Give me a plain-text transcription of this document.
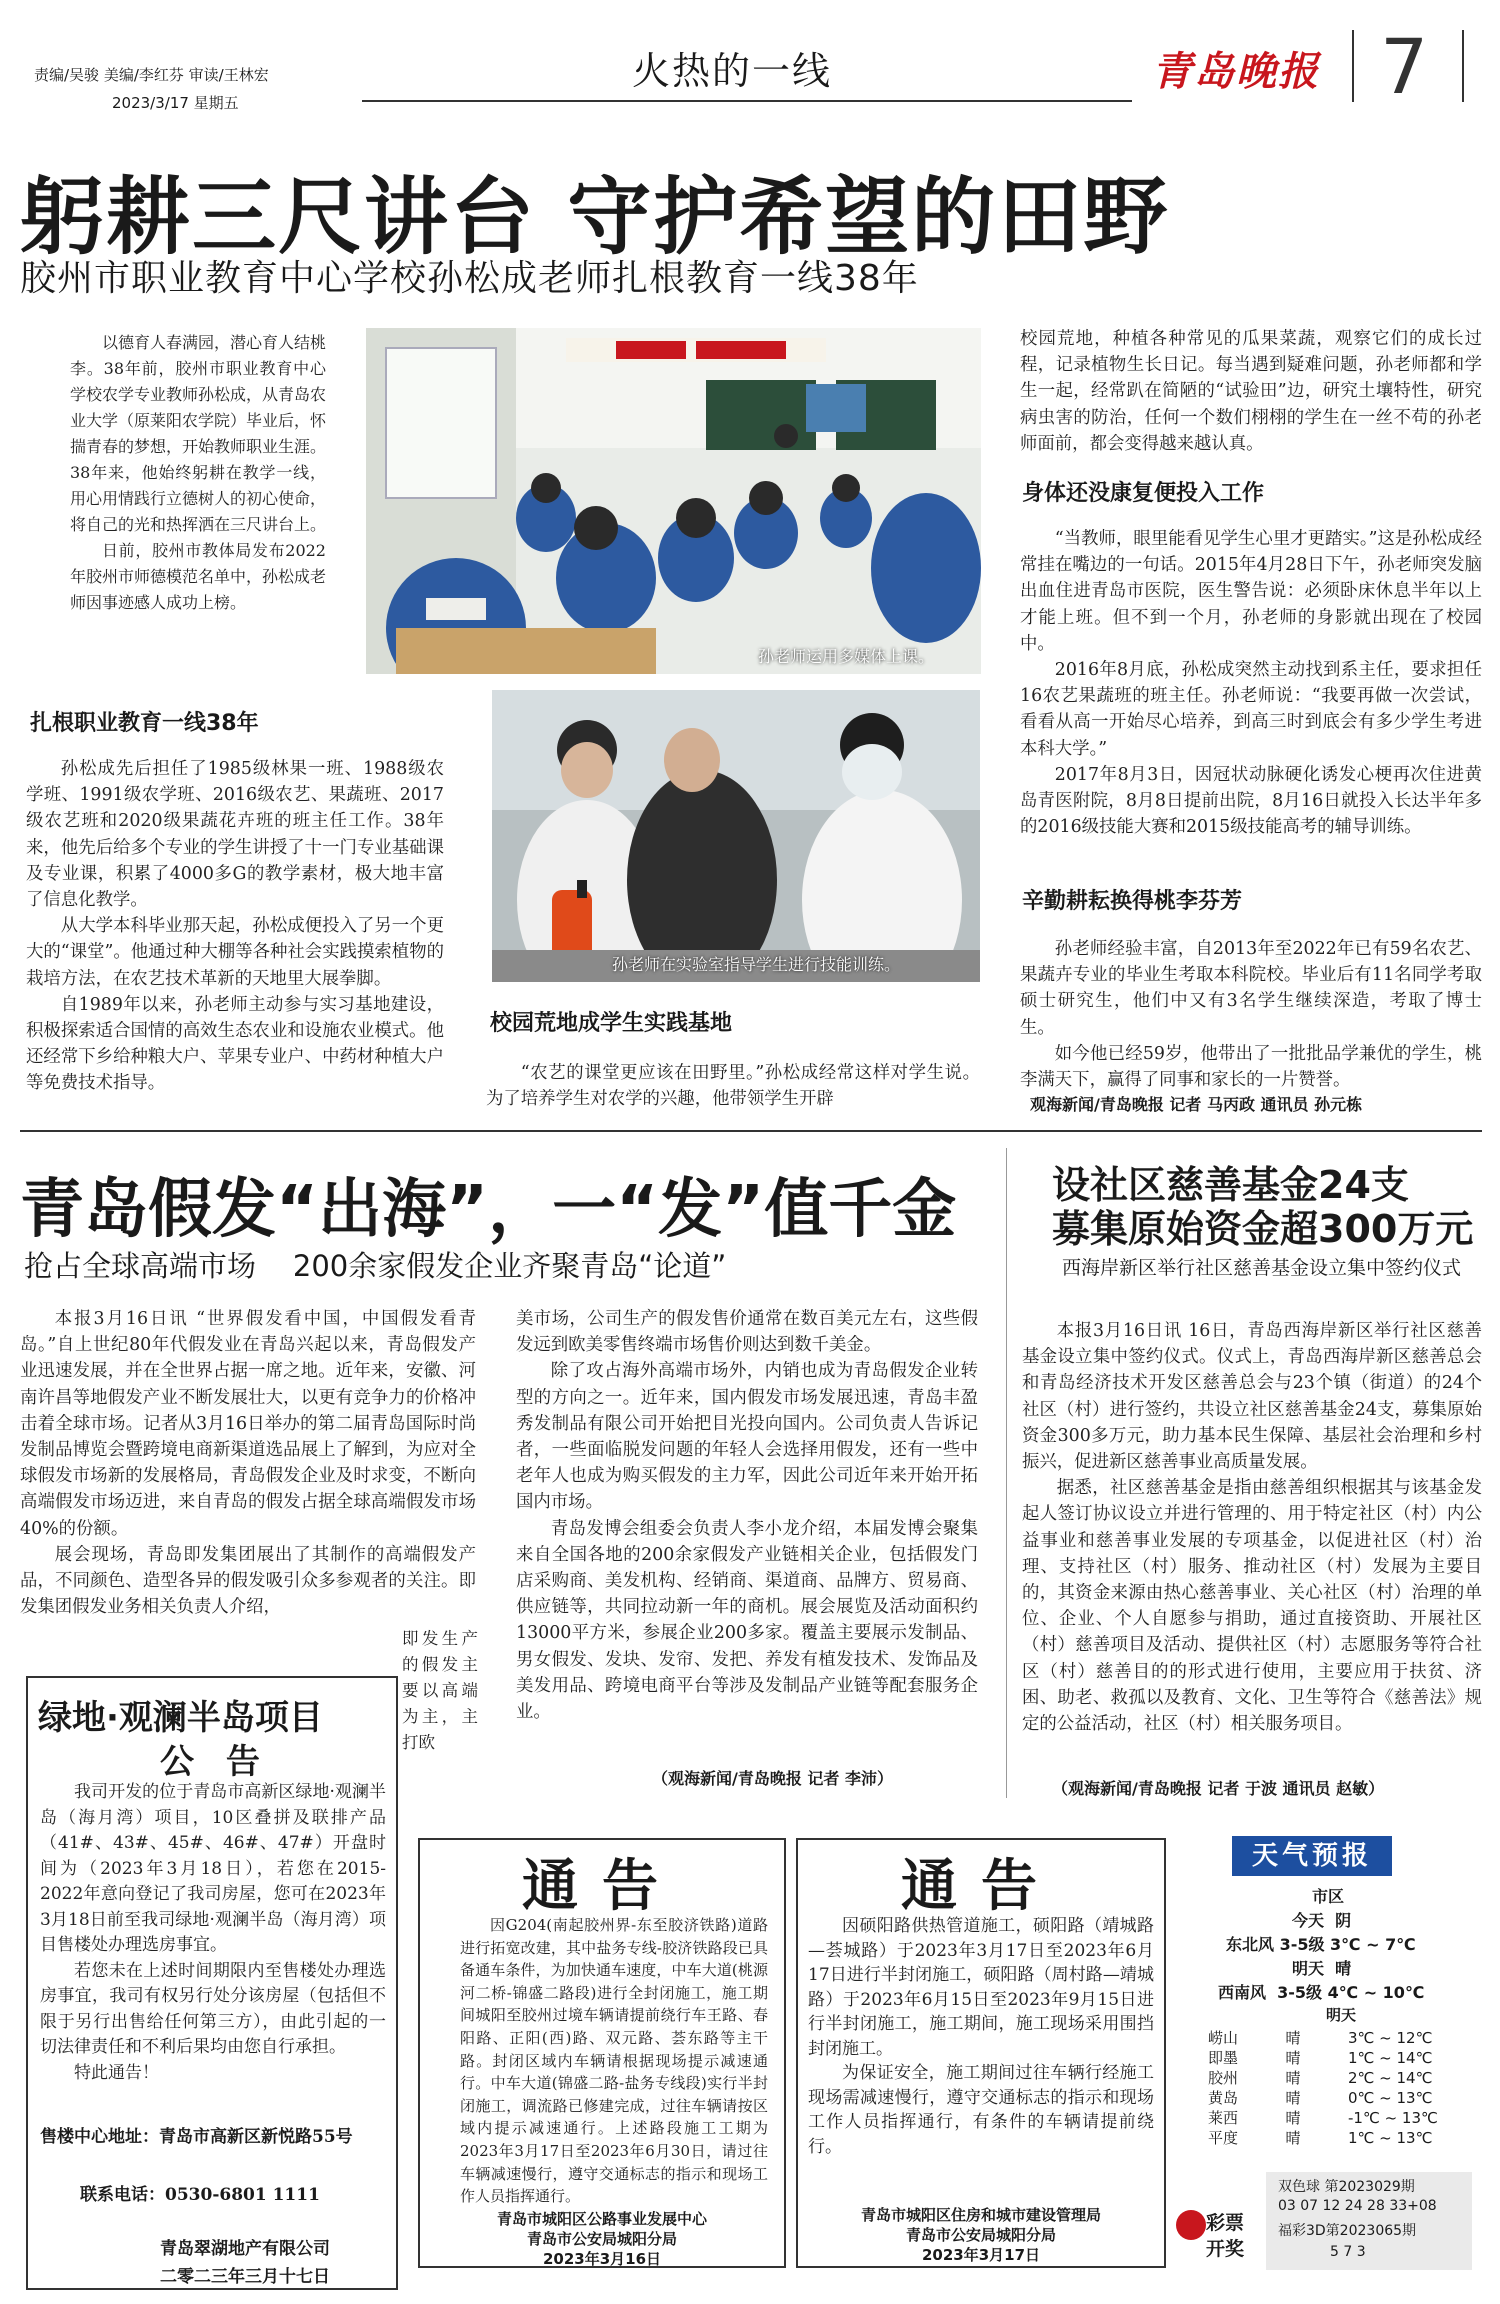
责编/吴骏 美编/李红芬 审读/王林宏
2023/3/17 星期五
火热的一线	青岛晚报 7
躬耕三尺讲台 守护希望的田野
胶州市职业教育中心学校孙松成老师扎根教育一线38年

以德育人春满园，潜心育人结桃李。38年前，胶州市职业教育中心学校农学专业教师孙松成，从青岛农业大学（原莱阳农学院）毕业后，怀揣青春的梦想，开始教师职业生涯。38年来，他始终躬耕在教学一线，用心用情践行立德树人的初心使命，将自己的光和热挥洒在三尺讲台上。

日前，胶州市教体局发布2022年胶州市师德模范名单中，孙松成老师因事迹感人成功上榜。

孙老师运用多媒体上课。
孙老师在实验室指导学生进行技能训练。
扎根职业教育一线38年

孙松成先后担任了1985级林果一班、1988级农学班、1991级农学班、2016级农艺、果蔬班、2017级农艺班和2020级果蔬花卉班的班主任工作。38年来，他先后给多个专业的学生讲授了十一门专业基础课及专业课，积累了4000多G的教学素材，极大地丰富了信息化教学。

从大学本科毕业那天起，孙松成便投入了另一个更大的“课堂”。他通过种大棚等各种社会实践摸索植物的栽培方法，在农艺技术革新的天地里大展拳脚。

自1989年以来，孙老师主动参与实习基地建设，积极探索适合国情的高效生态农业和设施农业模式。他还经常下乡给种粮大户、苹果专业户、中药材种植大户等免费技术指导。

校园荒地成学生实践基地

“农艺的课堂更应该在田野里。”孙松成经常这样对学生说。为了培养学生对农学的兴趣，他带领学生开辟

校园荒地，种植各种常见的瓜果菜蔬，观察它们的成长过程，记录植物生长日记。每当遇到疑难问题，孙老师都和学生一起，经常趴在简陋的“试验田”边，研究土壤特性，研究病虫害的防治，任何一个数们栩栩的学生在一丝不苟的孙老师面前，都会变得越来越认真。

身体还没康复便投入工作

“当教师，眼里能看见学生心里才更踏实。”这是孙松成经常挂在嘴边的一句话。2015年4月28日下午，孙老师突发脑出血住进青岛市医院，医生警告说：必须卧床休息半年以上才能上班。但不到一个月，孙老师的身影就出现在了校园中。

2016年8月底，孙松成突然主动找到系主任，要求担任16农艺果蔬班的班主任。孙老师说：“我要再做一次尝试，看看从高一开始尽心培养，到高三时到底会有多少学生考进本科大学。”

2017年8月3日，因冠状动脉硬化诱发心梗再次住进黄岛青医附院，8月8日提前出院，8月16日就投入长达半年多的2016级技能大赛和2015级技能高考的辅导训练。

辛勤耕耘换得桃李芬芳

孙老师经验丰富，自2013年至2022年已有59名农艺、果蔬卉专业的毕业生考取本科院校。毕业后有11名同学考取硕士研究生，他们中又有3名学生继续深造，考取了博士生。

如今他已经59岁，他带出了一批批品学兼优的学生，桃李满天下，赢得了同事和家长的一片赞誉。

观海新闻/青岛晚报 记者 马丙政 通讯员 孙元栋
青岛假发“出海”，一“发”值千金
抢占全球高端市场    200余家假发企业齐聚青岛“论道”

本报3月16日讯 “世界假发看中国，中国假发看青岛。”自上世纪80年代假发业在青岛兴起以来，青岛假发产业迅速发展，并在全世界占据一席之地。近年来，安徽、河南许昌等地假发产业不断发展壮大，以更有竞争力的价格冲击着全球市场。记者从3月16日举办的第二届青岛国际时尚发制品博览会暨跨境电商新渠道选品展上了解到，为应对全球假发市场新的发展格局，青岛假发企业及时求变，不断向高端假发市场迈进，来自青岛的假发占据全球高端假发市场40%的份额。

展会现场，青岛即发集团展出了其制作的高端假发产品，不同颜色、造型各异的假发吸引众多参观者的关注。即发集团假发业务相关负责人介绍，

即发生产的假发主要以高端为主，主打欧

美市场，公司生产的假发售价通常在数百美元左右，这些假发远到欧美零售终端市场售价则达到数千美金。

除了攻占海外高端市场外，内销也成为青岛假发企业转型的方向之一。近年来，国内假发市场发展迅速，青岛丰盈秀发制品有限公司开始把目光投向国内。公司负责人告诉记者，一些面临脱发问题的年轻人会选择用假发，还有一些中老年人也成为购买假发的主力军，因此公司近年来开始开拓国内市场。

青岛发博会组委会负责人李小龙介绍，本届发博会聚集来自全国各地的200余家假发产业链相关企业，包括假发门店采购商、美发机构、经销商、渠道商、品牌方、贸易商、供应链等，共同拉动新一年的商机。展会展览及活动面积约13000平方米，参展企业200多家。覆盖主要展示发制品、男女假发、发块、发帘、发把、养发有植发技术、发饰品及美发用品、跨境电商平台等涉及发制品产业链等配套服务企业。

（观海新闻/青岛晚报 记者 李沛）
设社区慈善基金24支
募集原始资金超300万元
西海岸新区举行社区慈善基金设立集中签约仪式

本报3月16日讯 16日，青岛西海岸新区举行社区慈善基金设立集中签约仪式。仪式上，青岛西海岸新区慈善总会和青岛经济技术开发区慈善总会与23个镇（街道）的24个社区（村）进行签约，共设立社区慈善基金24支，募集原始资金300多万元，助力基本民生保障、基层社会治理和乡村振兴，促进新区慈善事业高质量发展。

据悉，社区慈善基金是指由慈善组织根据其与该基金发起人签订协议设立并进行管理的、用于特定社区（村）内公益事业和慈善事业发展的专项基金，以促进社区（村）治理、支持社区（村）服务、推动社区（村）发展为主要目的，其资金来源由热心慈善事业、关心社区（村）治理的单位、企业、个人自愿参与捐助，通过直接资助、开展社区（村）慈善项目及活动、提供社区（村）志愿服务等符合社区（村）慈善目的的形式进行使用，主要应用于扶贫、济困、助老、救孤以及教育、文化、卫生等符合《慈善法》规定的公益活动，社区（村）相关服务项目。

（观海新闻/青岛晚报 记者 于波 通讯员 赵敏）
绿地·观澜半岛项目
公 告

我司开发的位于青岛市高新区绿地·观澜半岛（海月湾）项目，10区叠拼及联排产品（41#、43#、45#、46#、47#）开盘时间为（2023年3月18日），若您在2015-2022年意向登记了我司房屋，您可在2023年3月18日前至我司绿地·观澜半岛（海月湾）项目售楼处办理选房事宜。

若您未在上述时间期限内至售楼处办理选房事宜，我司有权另行处分该房屋（包括但不限于另行出售给任何第三方），由此引起的一切法律责任和不利后果均由您自行承担。

特此通告！

售楼中心地址：青岛市高新区新悦路55号
联系电话：0530-6801 1111
青岛翠湖地产有限公司
二零二三年三月十七日
通告

因G204(南起胶州界-东至胶济铁路)道路进行拓宽改建，其中盐务专线-胶济铁路段已具备通车条件，为加快通车速度，中车大道(桃源河二桥-锦盛二路段)进行全封闭施工，施工期间城阳至胶州过境车辆请提前绕行车王路、春阳路、正阳(西)路、双元路、荟东路等主干路。封闭区域内车辆请根据现场提示减速通行。中车大道(锦盛二路-盐务专线段)实行半封闭施工，调流路已修建完成，过往车辆请按区域内提示减速通行。上述路段施工工期为2023年3月17日至2023年6月30日，请过往车辆减速慢行，遵守交通标志的指示和现场工作人员指挥通行。

青岛市城阳区公路事业发展中心
青岛市公安局城阳分局
2023年3月16日
通告

因硕阳路供热管道施工，硕阳路（靖城路—荟城路）于2023年3月17日至2023年6月17日进行半封闭施工，硕阳路（周村路—靖城路）于2023年6月15日至2023年9月15日进行半封闭施工，施工期间，施工现场采用围挡封闭施工。

为保证安全，施工期间过往车辆行经施工现场需减速慢行，遵守交通标志的指示和现场工作人员指挥通行，有条件的车辆请提前绕行。

青岛市城阳区住房和城市建设管理局
青岛市公安局城阳分局
2023年3月17日
天气预报
市区
今天  阴
东北风 3-5级 3℃ ~ 7℃
明天  晴
西南风  3-5级 4℃ ~ 10℃
明天
崂山	晴	3℃ ~ 12℃
即墨	晴	1℃ ~ 14℃
胶州	晴	2℃ ~ 14℃
黄岛	晴	0℃ ~ 13℃
莱西	晴	-1℃ ~ 13℃
平度	晴	1℃ ~ 13℃
彩票
开奖
双色球 第2023029期
03 07 12 24 28 33+08
福彩3D第2023065期
5 7 3
